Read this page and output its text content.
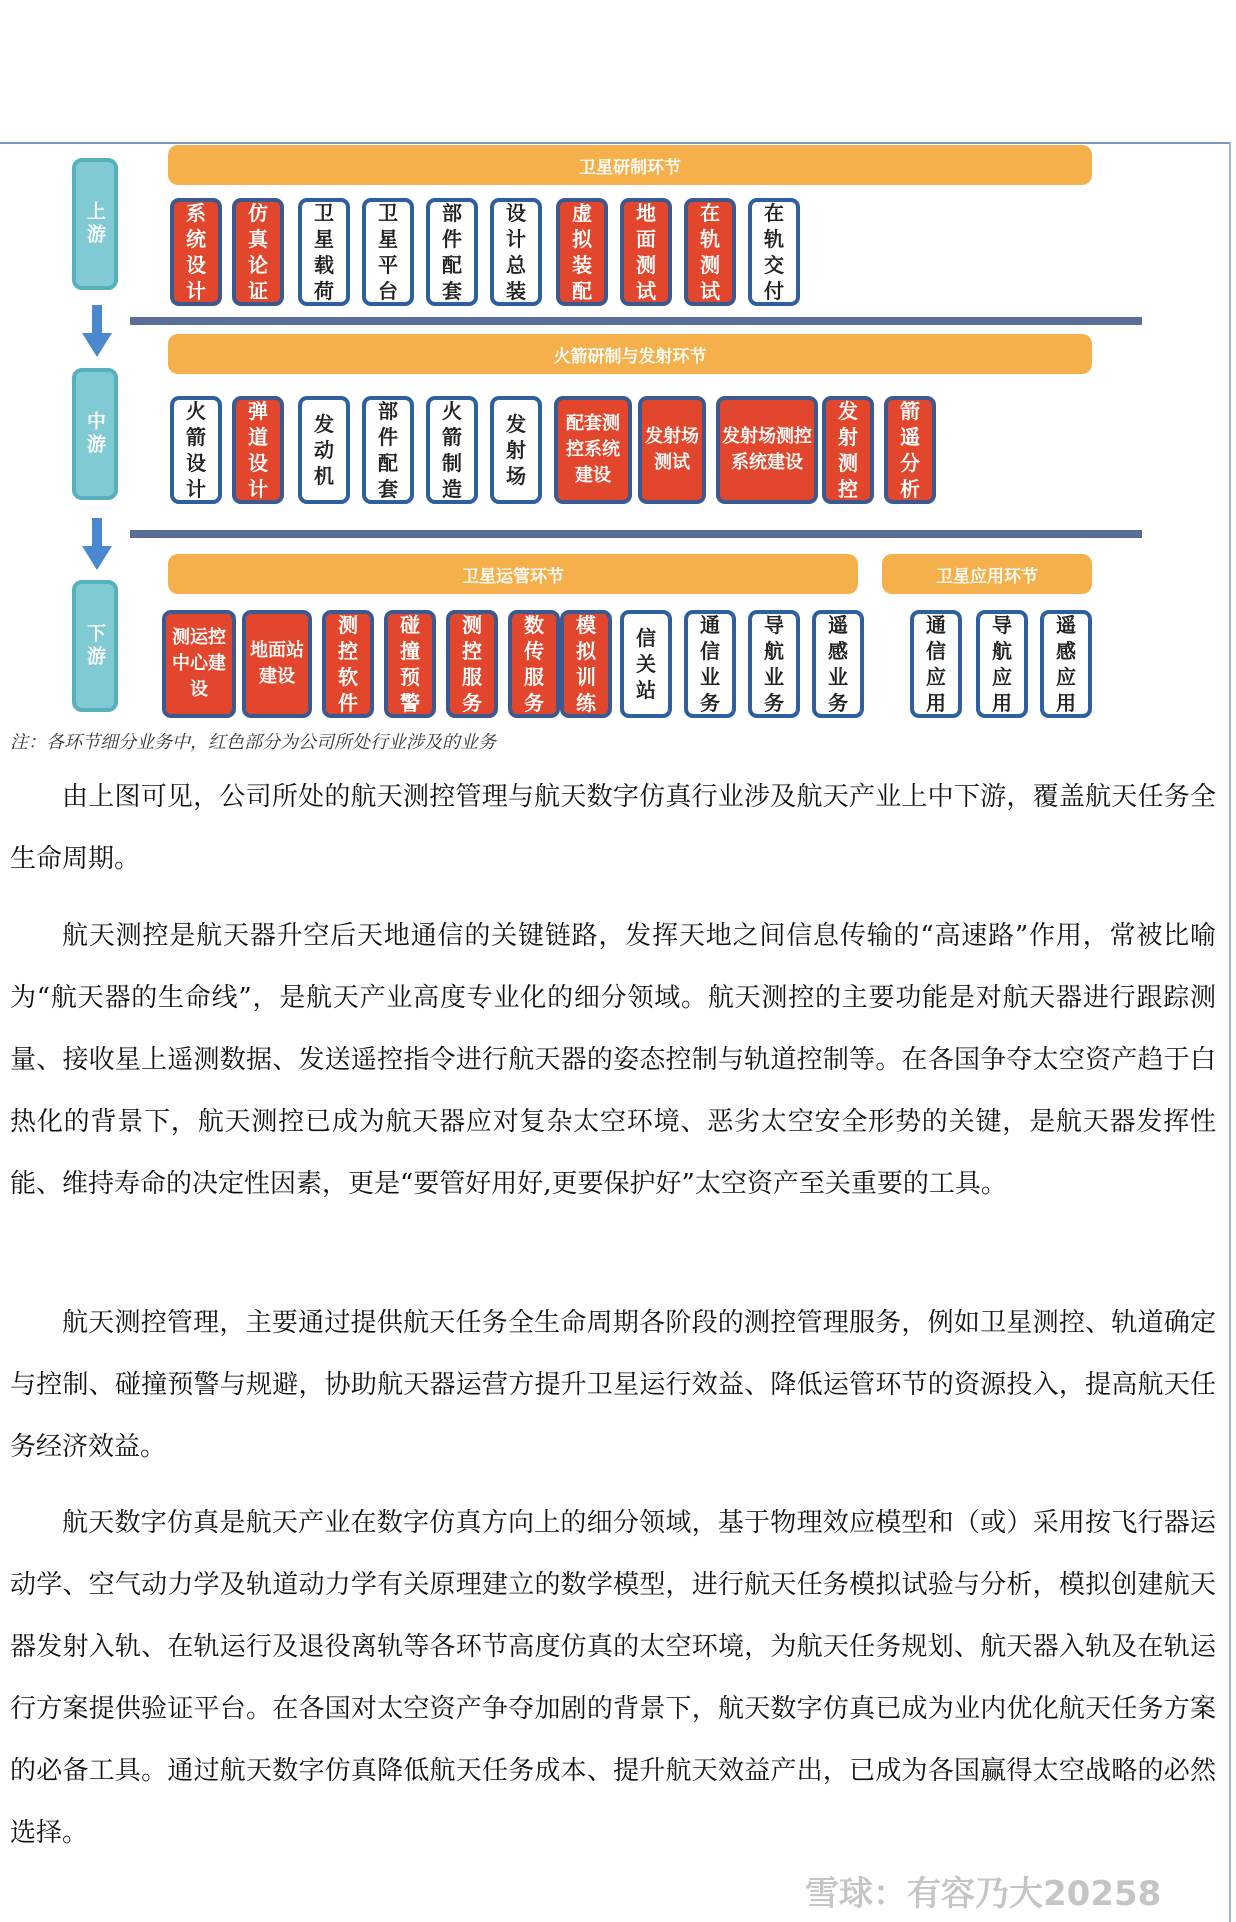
上游
中游
下游
卫星研制环节
火箭研制与发射环节
卫星运管环节	卫星应用环节
系统设计
仿真论证
卫星载荷
卫星平台
部件配套
设计总装
虚拟装配
地面测试
在轨测试
在轨交付
火箭设计
弹道设计
发动机
部件配套
火箭制造
发射场
配套测控系统建设
发射场测试
发射场测控系统建设
发射测控
箭遥分析
测运控中心建设
地面站建设
测控软件
碰撞预警
测控服务
数传服务
模拟训练
信关站
通信业务
导航业务
遥感业务
通信应用
导航应用
遥感应用
注：各环节细分业务中，红色部分为公司所处行业涉及的业务

由上图可见，公司所处的航天测控管理与航天数字仿真行业涉及航天产业上中下游，覆盖航天任务全生命周期。

航天测控是航天器升空后天地通信的关键链路，发挥天地之间信息传输的“高速路”作用，常被比喻为“航天器的生命线”，是航天产业高度专业化的细分领域。航天测控的主要功能是对航天器进行跟踪测量、接收星上遥测数据、发送遥控指令进行航天器的姿态控制与轨道控制等。在各国争夺太空资产趋于白热化的背景下，航天测控已成为航天器应对复杂太空环境、恶劣太空安全形势的关键，是航天器发挥性能、维持寿命的决定性因素，更是“要管好用好,更要保护好”太空资产至关重要的工具。

航天测控管理，主要通过提供航天任务全生命周期各阶段的测控管理服务，例如卫星测控、轨道确定与控制、碰撞预警与规避，协助航天器运营方提升卫星运行效益、降低运管环节的资源投入，提高航天任务经济效益。

航天数字仿真是航天产业在数字仿真方向上的细分领域，基于物理效应模型和（或）采用按飞行器运动学、空气动力学及轨道动力学有关原理建立的数学模型，进行航天任务模拟试验与分析，模拟创建航天器发射入轨、在轨运行及退役离轨等各环节高度仿真的太空环境，为航天任务规划、航天器入轨及在轨运行方案提供验证平台。在各国对太空资产争夺加剧的背景下，航天数字仿真已成为业内优化航天任务方案的必备工具。通过航天数字仿真降低航天任务成本、提升航天效益产出，已成为各国赢得太空战略的必然选择。

雪球：有容乃大20258
